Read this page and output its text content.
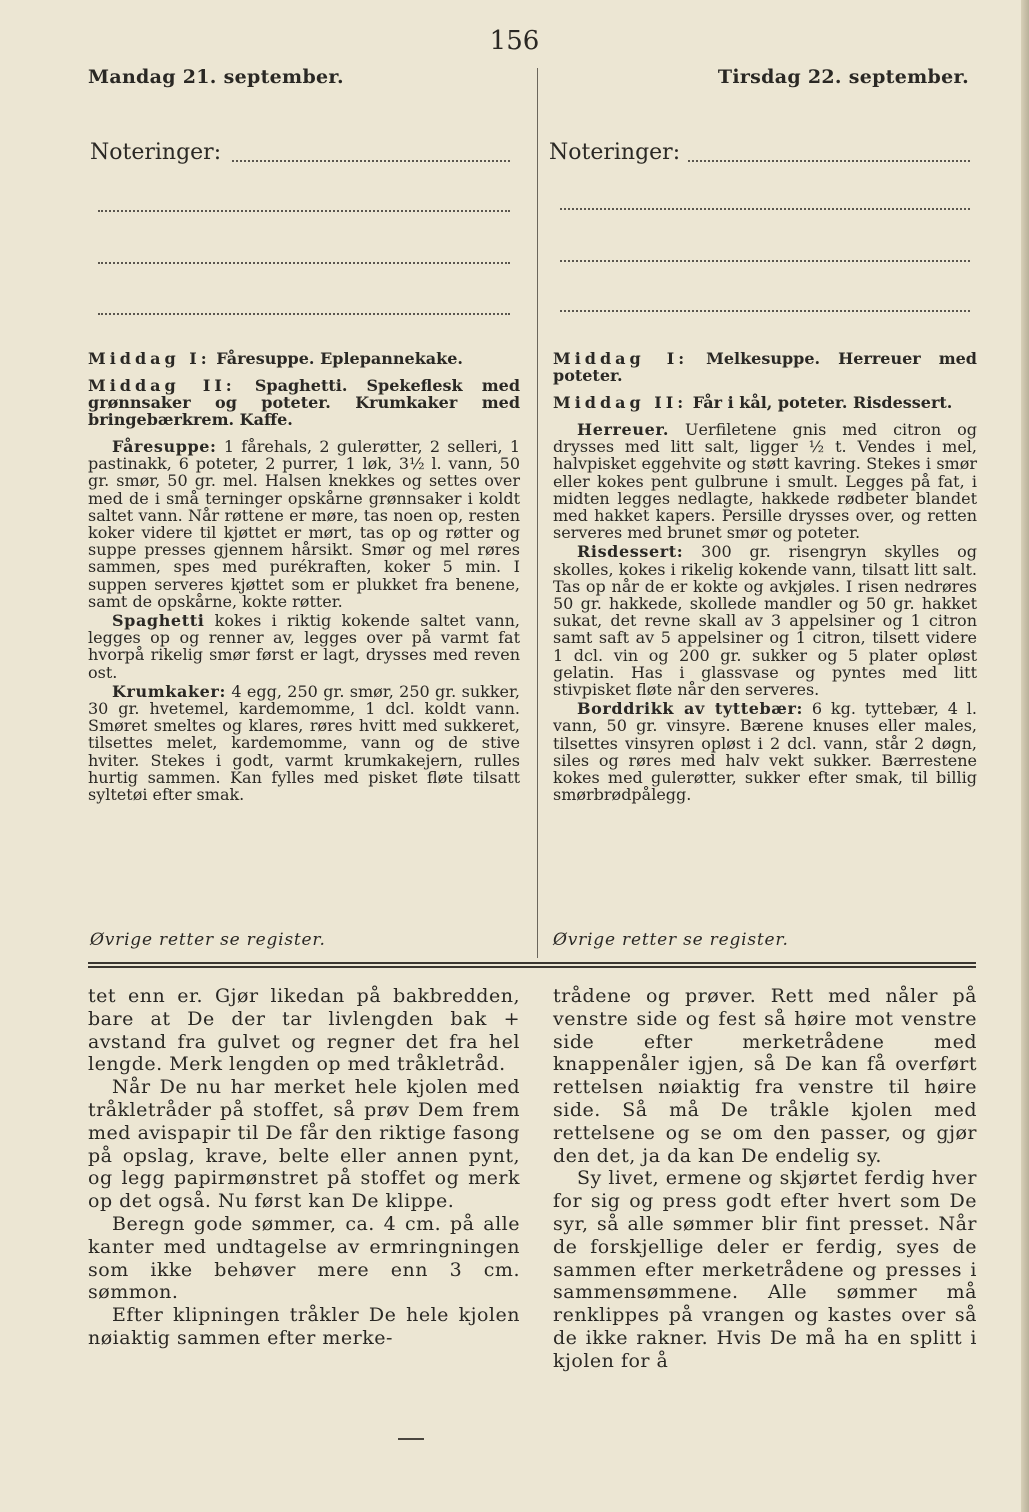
156
Mandag 21. september.	Tirsdag 22. september.
Noteringer:	Noteringer:

Middag I: Fåresuppe. Eplepannekake.

Middag II: Spaghetti. Spekeflesk med grønnsaker og poteter. Krumkaker med bringebærkrem. Kaffe.

Fåresuppe: 1 fårehals, 2 gulerøtter, 2 selleri, 1 pastinakk, 6 poteter, 2 purrer, 1 løk, 3½ l. vann, 50 gr. smør, 50 gr. mel. Halsen knekkes og settes over med de i små terninger opskårne grønnsaker i koldt saltet vann. Når røttene er møre, tas noen op, resten koker videre til kjøttet er mørt, tas op og røtter og suppe presses gjennem hårsikt. Smør og mel røres sammen, spes med purékraften, koker 5 min. I suppen serveres kjøttet som er plukket fra benene, samt de opskårne, kokte røtter.

Spaghetti kokes i riktig kokende saltet vann, legges op og renner av, legges over på varmt fat hvorpå rikelig smør først er lagt, drysses med reven ost.

Krumkaker: 4 egg, 250 gr. smør, 250 gr. sukker, 30 gr. hvetemel, kardemomme, 1 dcl. koldt vann. Smøret smeltes og klares, røres hvitt med sukkeret, tilsettes melet, kardemomme, vann og de stive hviter. Stekes i godt, varmt krumkakejern, rulles hurtig sammen. Kan fylles med pisket fløte tilsatt syltetøi efter smak.

Middag I: Melkesuppe. Herreuer med poteter.

Middag II: Får i kål, poteter. Risdessert.

Herreuer. Uerfiletene gnis med citron og drysses med litt salt, ligger ½ t. Vendes i mel, halvpisket eggehvite og støtt kavring. Stekes i smør eller kokes pent gulbrune i smult. Legges på fat, i midten legges nedlagte, hakkede rødbeter blandet med hakket kapers. Persille drysses over, og retten serveres med brunet smør og poteter.

Risdessert: 300 gr. risengryn skylles og skolles, kokes i rikelig kokende vann, tilsatt litt salt. Tas op når de er kokte og avkjøles. I risen nedrøres 50 gr. hakkede, skollede mandler og 50 gr. hakket sukat, det revne skall av 3 appelsiner og 1 citron samt saft av 5 appelsiner og 1 citron, tilsett videre 1 dcl. vin og 200 gr. sukker og 5 plater opløst gelatin. Has i glassvase og pyntes med litt stivpisket fløte når den serveres.

Borddrikk av tyttebær: 6 kg. tyttebær, 4 l. vann, 50 gr. vinsyre. Bærene knuses eller males, tilsettes vinsyren opløst i 2 dcl. vann, står 2 døgn, siles og røres med halv vekt sukker. Bærrestene kokes med gulerøtter, sukker efter smak, til billig smørbrødpålegg.

Øvrige retter se register.	Øvrige retter se register.

tet enn er. Gjør likedan på bakbredden, bare at De der tar livlengden bak + avstand fra gulvet og regner det fra hel lengde. Merk lengden op med tråkletråd.

Når De nu har merket hele kjolen med tråkletråder på stoffet, så prøv Dem frem med avispapir til De får den riktige fasong på opslag, krave, belte eller annen pynt, og legg papirmønstret på stoffet og merk op det også. Nu først kan De klippe.

Beregn gode sømmer, ca. 4 cm. på alle kanter med undtagelse av ermringningen som ikke behøver mere enn 3 cm. sømmon.

Efter klipningen tråkler De hele kjolen nøiaktig sammen efter merke-

trådene og prøver. Rett med nåler på venstre side og fest så høire mot venstre side efter merketrådene med knappenåler igjen, så De kan få overført rettelsen nøiaktig fra venstre til høire side. Så må De tråkle kjolen med rettelsene og se om den passer, og gjør den det, ja da kan De endelig sy.

Sy livet, ermene og skjørtet ferdig hver for sig og press godt efter hvert som De syr, så alle sømmer blir fint presset. Når de forskjellige deler er ferdig, syes de sammen efter merketrådene og presses i sammensømmene. Alle sømmer må renklippes på vrangen og kastes over så de ikke rakner. Hvis De må ha en splitt i kjolen for å
